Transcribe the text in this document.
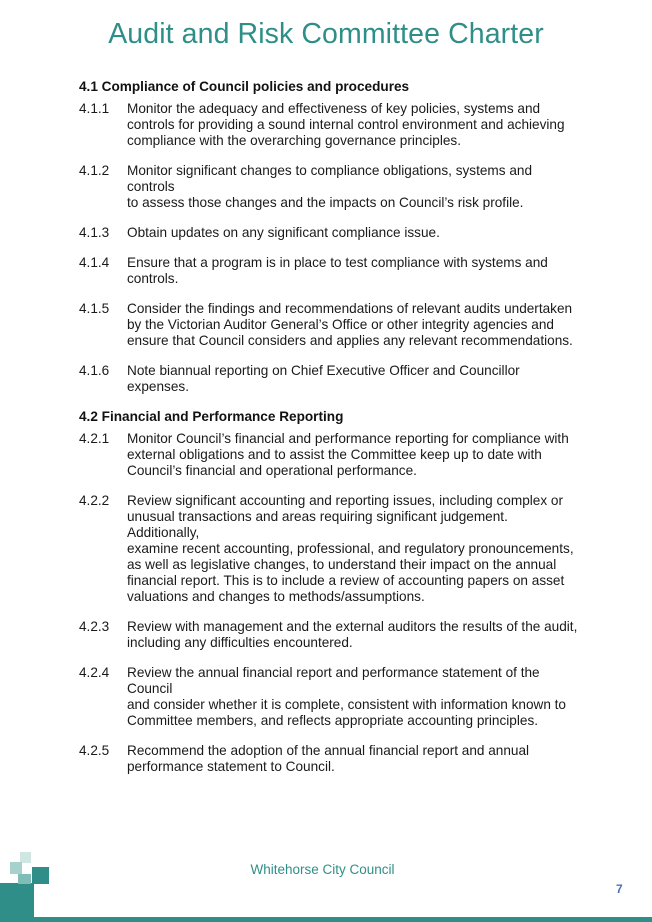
Audit and Risk Committee Charter
4.1 Compliance of Council policies and procedures
4.1.1	Monitor the adequacy and effectiveness of key policies, systems and
controls for providing a sound internal control environment and achieving
compliance with the overarching governance principles.
4.1.2	Monitor significant changes to compliance obligations, systems and controls
to assess those changes and the impacts on Council’s risk profile.
4.1.3	Obtain updates on any significant compliance issue.
4.1.4	Ensure that a program is in place to test compliance with systems and
controls.
4.1.5	Consider the findings and recommendations of relevant audits undertaken
by the Victorian Auditor General’s Office or other integrity agencies and
ensure that Council considers and applies any relevant recommendations.
4.1.6	Note biannual reporting on Chief Executive Officer and Councillor expenses.
4.2 Financial and Performance Reporting
4.2.1	Monitor Council’s financial and performance reporting for compliance with
external obligations and to assist the Committee keep up to date with
Council’s financial and operational performance.
4.2.2	Review significant accounting and reporting issues, including complex or
unusual transactions and areas requiring significant judgement. Additionally,
examine recent accounting, professional, and regulatory pronouncements,
as well as legislative changes, to understand their impact on the annual
financial report. This is to include a review of accounting papers on asset
valuations and changes to methods/assumptions.
4.2.3	Review with management and the external auditors the results of the audit,
including any difficulties encountered.
4.2.4	Review the annual financial report and performance statement of the Council
and consider whether it is complete, consistent with information known to
Committee members, and reflects appropriate accounting principles.
4.2.5	Recommend the adoption of the annual financial report and annual
performance statement to Council.
Whitehorse City Council
7
